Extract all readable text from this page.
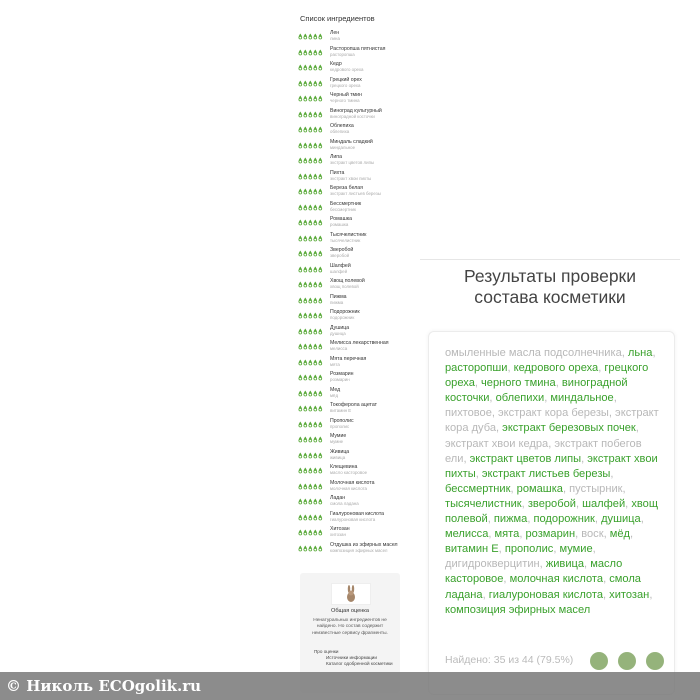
Список ингредиентов
Лен
лина
Расторопша пятнистая
расторопша
Кедр
кедрового ореха
Грецкий орех
грецкого ореха
Черный тмин
черного тмина
Виноград культурный
виноградной косточки
Облепиха
облепиха
Миндаль сладкий
миндальное
Липа
экстракт цветов липы
Пихта
экстракт хвои пихты
Береза белая
экстракт листьев березы
Бессмертник
бессмертник
Ромашка
ромашка
Тысячелистник
тысячелистник
Зверобой
зверобой
Шалфей
шалфей
Хвощ полевой
хвощ полевой
Пижма
пижма
Подорожник
подорожник
Душица
душица
Мелисса лекарственная
мелисса
Мята перечная
мята
Розмарин
розмарин
Мед
мёд
Токоферола ацетат
витамин Е
Прополис
прополис
Мумие
мумие
Живица
живица
Клещевина
масло касторовое
Молочная кислота
молочная кислота
Ладан
смола ладана
Гиалуроновая кислота
гиалуроновая кислота
Хитозан
хитозан
Отдушка из эфирных масел
композиция эфирных масел
Общая оценка
Ненатуральных ингредиентов не найдено. Но состав содержит неизвестные сервису фрагменты.
Про оценки
Источники информации
Каталог одобренной косметики
Результаты проверки состава косметики
омыленные масла подсолнечника, льна, расторопши, кедрового ореха, грецкого ореха, черного тмина, виноградной косточки, облепихи, миндальное, пихтовое, экстракт кора березы, экстракт кора дуба, экстракт березовых почек, экстракт хвои кедра, экстракт побегов ели, экстракт цветов липы, экстракт хвои пихты, экстракт листьев березы, бессмертник, ромашка, пустырник, тысячелистник, зверобой, шалфей, хвощ полевой, пижма, подорожник, душица, мелисса, мята, розмарин, воск, мёд, витамин Е, прополис, мумие, дигидрокверцитин, живица, масло касторовое, молочная кислота, смола ладана, гиалуроновая кислота, хитозан, композиция эфирных масел
Найдено: 35 из 44 (79.5%)
© Николь ECOgolik.ru
